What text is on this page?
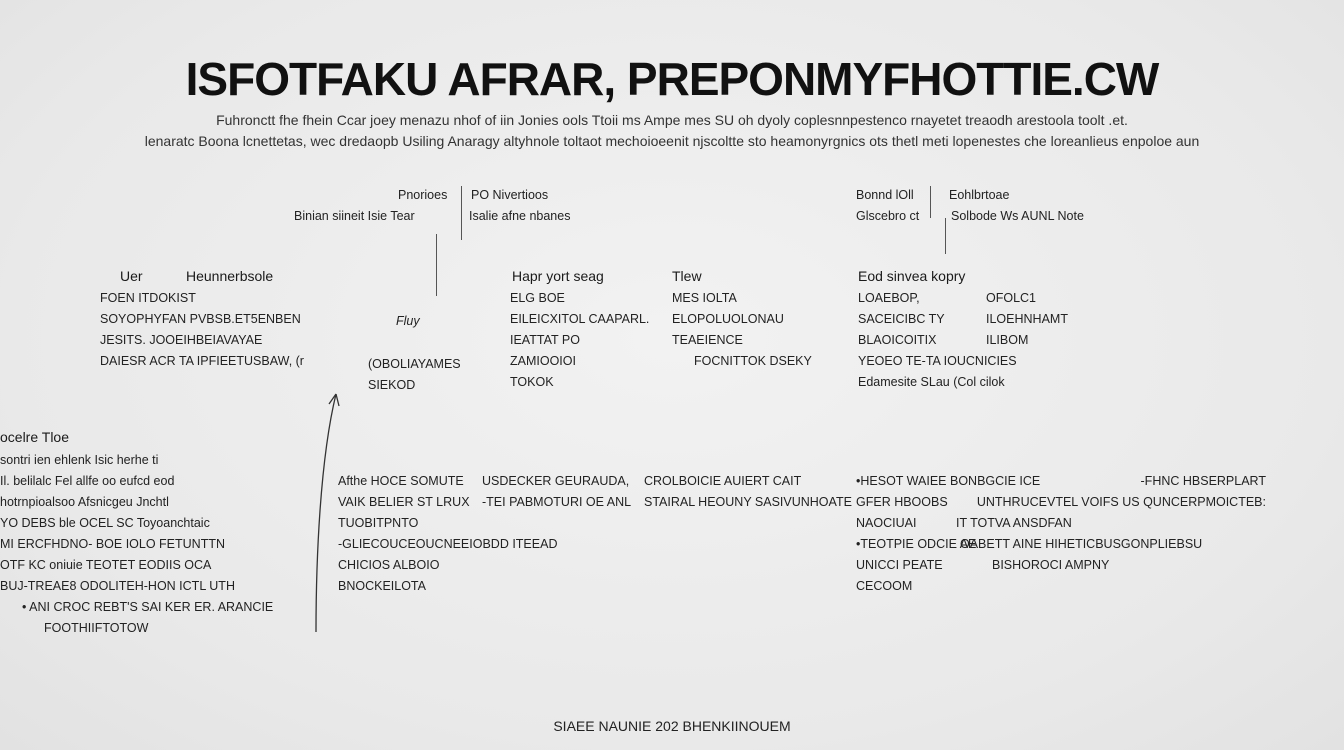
ISFOTFAKU AFRAR, PREPONMYFHOTTIE.CW
Fuhronctt fhe fhein Ccar joey menazu nhof of iin Jonies ools Ttoii ms Ampe mes SU oh dyoly coplesnnpestenco rnayetet treaodh arestoola toolt .et.
lenaratc Boona lcnettetas, wec dredaopb Usiling Anaragy altyhnole toltaot mechoioeenit njscoltte sto heamonyrgnics ots thetl meti lopenestes che loreanlieus enpoloe aun
Pnorioes
Binian siineit Isie Tear
PO Nivertioos
Isalie afne nbanes
Bonnd lOll
Glscebro ct
Eohlbrtoae
Solbode Ws AUNL Note
Uer	Heunnerbsole
FOEN ITDOKIST
SOYOPHYFAN PVBSB.ET5ENBEN
JESITS. JOOEIHBEIAVAYAE
DAIESR ACR TA IPFIEETUSBAW, (r
Fluy
(OBOLIAYAMES
SIEKOD
Hapr yort seag	Tlew
ELG BOE
EILEICXITOL CAAPARL.
IEATTAT PO
ZAMIOOIOI
TOKOK
MES IOLTA
ELOPOLUOLONAU
TEAEIENCE
FOCNITTOK DSEKY
Eod sinvea kopry
LOAEBOP,
SACEICIBC TY
BLAOICOITIX
YEOEO TE-TA IOUCNICIES
Edamesite SLau (Col cilok
OFOLC1
ILOEHNHAMT
ILIBOM
ocelre Tloe
sontri ien ehlenk Isic herhe ti
Il. belilalc Fel allfe oo eufcd eod
hotrnpioalsoo Afsnicgeu Jnchtl
YO DEBS ble OCEL SC Toyoanchtaic
MI ERCFHDNO- BOE IOLO FETUNTTN
OTF KC oniuie TEOTET EODIIS OCA
BUJ-TREAE8 ODOLITEH-HON ICTL UTH
• ANI CROC REBT'S SAI KER ER. ARANCIE
FOOTHIIFTOTOW
Afthe HOCE SOMUTE
VAIK BELIER ST LRUX
TUOBITPNTO
-GLIECOUCEOUCNEEIOBDD ITEEAD
CHICIOS ALBOIO
BNOCKEILOTA
USDECKER GEURAUDA,
-TEI PABMOTURI OE ANL
CROLBOICIE AUIERT CAIT
STAIRAL HEOUNY SASIVUNHOATE
•HESOT WAIEE BONBGCIE ICE
GFER HBOOBS
NAOCIUAI
•TEOTPIE ODCIE AE
UNICCI PEATE
CECOOM
-FHNC HBSERPLART
UNTHRUCEVTEL VOIFS US QUNCERPMOICTEB:
IT TOTVA ANSDFAN
OABETT AINE HIHETICBUSGONPLIEBSU
BISHOROCI AMPNY
SIAEE NAUNIE 202 BHENKIINOUEM
